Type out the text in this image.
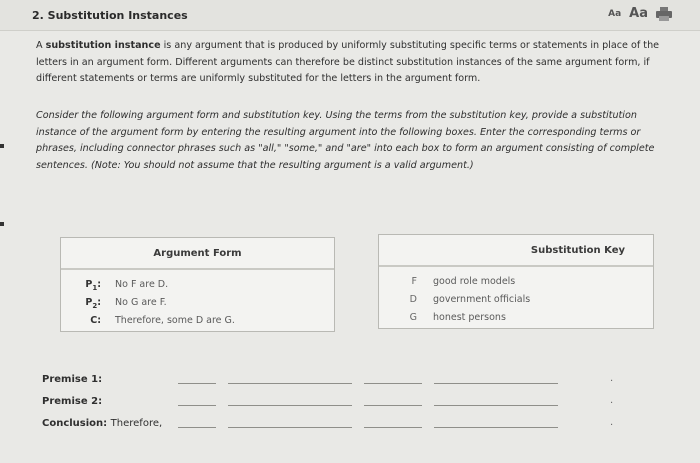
2. Substitution Instances	Aa Aa
A substitution instance is any argument that is produced by uniformly substituting specific terms or statements in place of the letters in an argument form. Different arguments can therefore be distinct substitution instances of the same argument form, if different statements or terms are uniformly substituted for the letters in the argument form.
Consider the following argument form and substitution key. Using the terms from the substitution key, provide a substitution instance of the argument form by entering the resulting argument into the following boxes. Enter the corresponding terms or phrases, including connector phrases such as "all," "some," and "are" into each box to form an argument consisting of complete sentences. (Note: You should not assume that the resulting argument is a valid argument.)
Argument Form
$P_1$: No F are D.
$P_2$: No G are F.
C: Therefore, some D are G.
Substitution Key
F good role models
D government officials
G honest persons
Premise 1:	.
Premise 2:	.
Conclusion: Therefore,	.
